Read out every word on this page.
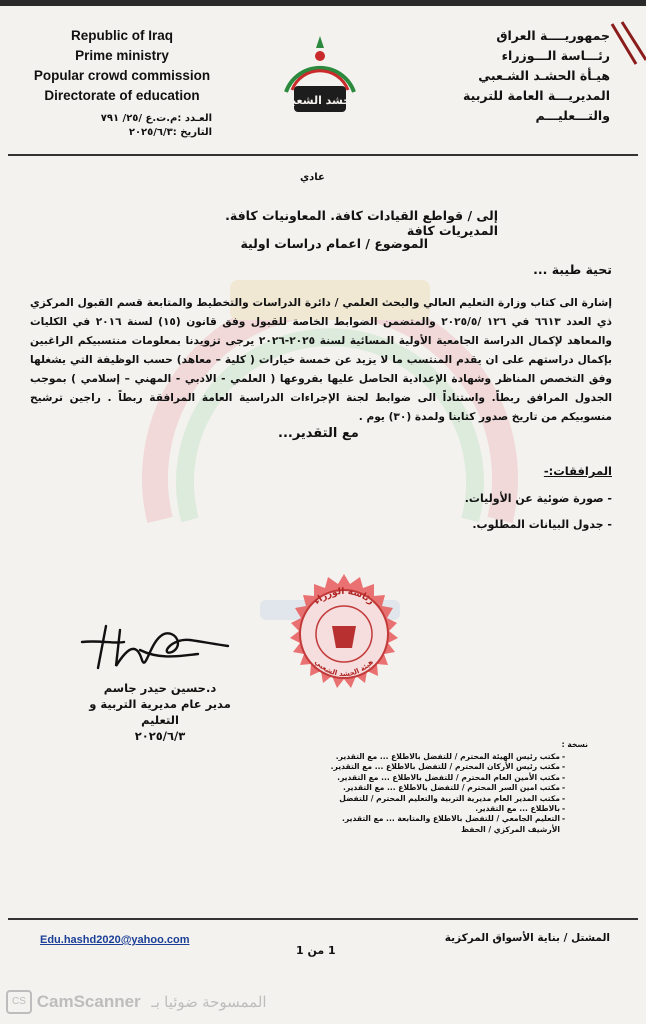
Republic of Iraq
Prime ministry
Popular crowd commission
Directorate of education
جمهوريــــة العراق
رئـــاسة الـــوزراء
هيـأة الحشـد الشـعبي
المديريـــة العامة للتربية والتـــعليـــم
العـدد :م.ت.ع /٢٥/ ٧٩١
التاريخ :٢٠٢٥/٦/٣
الحشد الشعبي
عادي
إلى / قواطع القيادات كافة. المعاونيات كافة. المديريات كافة
الموضوع / اعمام دراسات اولية
تحية طيبة ...
إشارة الى كتاب وزارة التعليم العالي والبحث العلمي / دائرة الدراسات والتخطيط والمتابعة قسم القبول المركزي ذي العدد ٦٦١٣ في ١٢٦ /٢٠٢٥/٥ والمتضمن الضوابط الخاصة للقبول وفق قانون (١٥) لسنة ٢٠١٦ في الكليات والمعاهد لإكمال الدراسة الجامعية الأولية المسائية لسنة ٢٠٢٥-٢٠٢٦ يرجى تزويدنا بمعلومات منتسبيكم الراغبين بإكمال دراستهم على ان يقدم المنتسب ما لا يزيد عن خمسة خيارات ( كلية – معاهد) حسب الوظيفة التي يشغلها وفق التخصص المناظر وشهادة الإعدادية الحاصل عليها بفروعها ( العلمي - الادبي - المهني – إسلامي ) بموجب الجدول المرافق ربطاً. واستناداً الى ضوابط لجنة الإجراءات الدراسية العامة المرافقة ربطاً . راجين ترشيح منسوبيكم من تاريخ صدور كتابنا ولمدة (٣٠) يوم .
مع التقدير...
المرافقات:-
- صورة ضوئية عن الأوليات.
- جدول البيانات المطلوب.
رئاسة الوزراء
هيئة الحشد الشعبي
د.حسين حيدر جاسم
مدير عام مديرية التربية و التعليم
٢٠٢٥/٦/٣
نسخة :
-
-
-
-
-
-
-
مكتب رئيس الهيئة المحترم / للتفضل بالاطلاع ... مع التقدير.
مكتب رئيس الأركان المحترم / للتفضل بالاطلاع ... مع التقدير.
مكتب الأمين العام المحترم / للتفضل بالاطلاع ... مع التقدير.
مكتب امين السر المحترم / للتفضل بالاطلاع ... مع التقدير.
مكتب المدير العام مديرية التربية والتعليم المحترم / للتفضل بالاطلاع ... مع التقدير.
التعليم الجامعي / للتفضل بالاطلاع والمتابعة ... مع التقدير.
الأرشيف المركزي / الحفظ
Edu.hashd2020@yahoo.com
1 من 1
المشتل / بناية الأسواق المركزية
CS CamScanner الممسوحة ضوئيا بـ
